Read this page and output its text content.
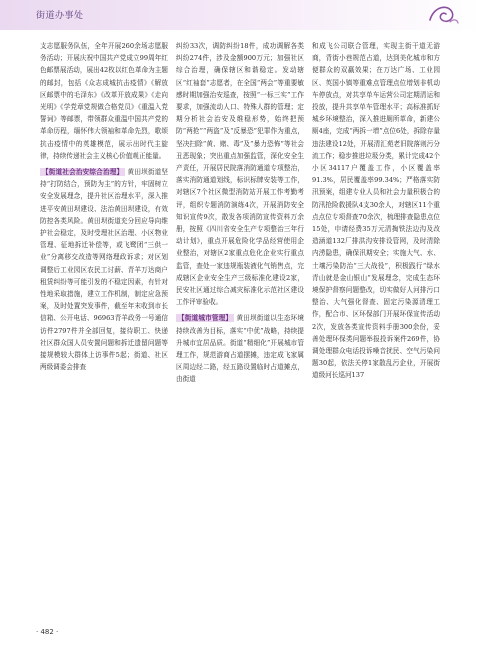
街道办事处

支志愿服务队伍，全年开展260余场志愿服务活动；开展庆祝中国共产党成立99周年红色邮票展活动，展出42枚以红色革命为主题的邮封，包括《众志成城抗击疫情》《解放区邮票中的毛泽东》《改革开放成果》《走向光明》《学党章党规做合格党员》《重温入党誓词》等邮票，带领群众重温中国共产党的革命历程，缅怀伟大领袖和革命先烈，歌颂抗击疫情中的英雄模范，展示出时代主旋律，持续传递社会主义核心价值观正能量。

【街道社会治安综合治理】 黄田坝街道坚持“打防结合，预防为主”的方针，牢固树立安全发展理念，提升社区治理水平，深入推进平安黄田坝建设、法治黄田坝建设，有效防控各类风险。黄田坝街道充分回应导向维护社会稳定，及时受理社区治理、小区物业管理、征地拆迁补偿等，或飞鹭团“三供一业”分离移交改造等网络理政诉求；对区划调整后工业园区农民工讨薪、青羊万达商户租赁纠纷等可能引发的不稳定因素，有针对性地采取措施，建立工作机制，制定应急预案，及时处置突发事件，截至年末收到市长信箱、公开电话、96963青羊政务一号通信访件2797件并全部回复，接待职工、快递社区群众国人员安置问题和拆迁遗留问题等接规模较大群体上访事件5起；街道、社区两级调委会排查

纠纷33次，调防纠纷18件，成功调解各类纠纷274件，涉及金额900万元；加强社区综合治理，确保辖区和谐稳定。发动辖区“红袖套”志愿者，在全国“两会”等重要敏感时期加强治安巡查，按照“一标三实”工作要求，加强流动人口、特殊人群的管理；定期分析社会治安及维稳形势，始终把预防“两抢”“两盗”及“反暴恐”犯罪作为重点，坚决扫除“黄、赌、毒”及“暴力恐怖”等社会丑恶现象；突出重点加强监管，深化安全生产责任，开展居民院落消防通道专项整治，落实消防通道划线，标识标牌安装等工作，对辖区7个社区微型消防站开展工作考勤考评，组织专题消防演练4次，开展消防安全知识宣传9次，散发各项消防宣传资料万余册，按照《四川省安全生产专项整治三年行动计划》，重点开展危险化学品经营使用企业整治，对辖区2家重点危化企业实行重点监管，查处一家违规瓶装液化气销售点，完成辖区企业安全生产三级标准化建设2家，民安社区通过综合减灾标准化示范社区建设工作评审验收。

【街道城市管理】 黄田坝街道以生态环境持续改善为目标，落实“中优”战略，持续提升城市宜居品质。街道“精细化”开展城市管理工作，规范游商占道摆摊，违定成飞家属区周边经二路，经五路设置临时占道摊点，由街道

和成飞公司联合管理，实现主街干道无游商，背街小巷规范占道，达到美化城市和方便群众的双赢效果；在万达广场、工业园区、英国小镇等重难点管理点位增划非机动车停放点，对共享单车运营公司定期清运和投放，提升共享单车管理水平；高标准抓好城乡环境整治，深入推进厕所革命，新建公厕4座，完成“两拆一增”点位6处，拆除存量违法建设12处，开展清汇苑老旧院落则污分流工作；稳步推进垃圾分类，累计完成42个小区34117户覆盖工作，小区覆盖率91.3%，居民覆盖率99.34%；严格落实防汛预案，组建专业人员和社会力量积极合的防汛抢险救援队4支30余人，对辖区11个重点点位专项督查70余次，梳理排查隐患点位15处，申请经费35万元清掏铁法边沟及改造涵道132厂排洪沟安排设管网，及时清除内涝隐患，确保汛期安全；实施大气、水、土壤污染防治“三大战役”，积极践行“绿水青山就是金山银山”发展理念，完成生态环境保护督察问题整改，切实做好人河排污口整治、大气强化督查、固定污染源清理工作，配合市、区环保部门开展环保宣传活动2次，发放各类宣传资料手册300余份，妥善处理环保类问题举报投诉案件269件，协调处理群众电话投诉噪音扰民、空气污染问题30起，依法关停1家散乱污企业，开展街道级河长巡河137

· 482 ·
